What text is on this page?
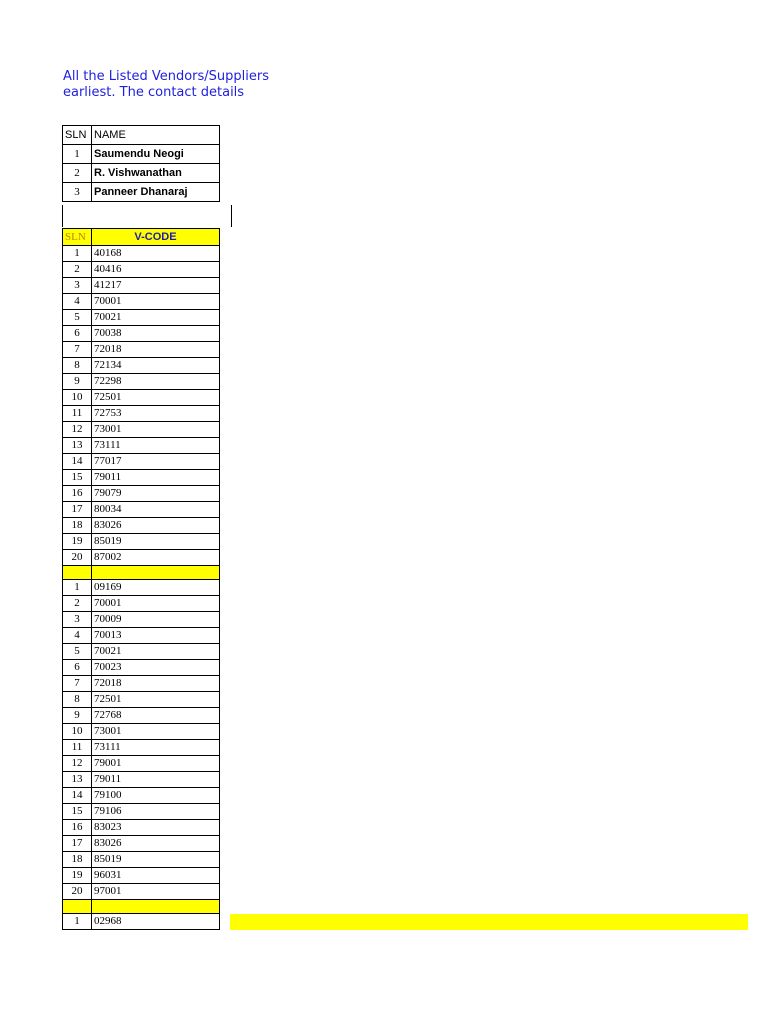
All the Listed Vendors/Suppliers
earliest. The contact details
SLN	NAME
1	Saumendu Neogi
2	R. Vishwanathan
3	Panneer Dhanaraj
SLN	V-CODE
1	40168
2	40416
3	41217
4	70001
5	70021
6	70038
7	72018
8	72134
9	72298
10	72501
11	72753
12	73001
13	73111
14	77017
15	79011
16	79079
17	80034
18	83026
19	85019
20	87002

1	09169
2	70001
3	70009
4	70013
5	70021
6	70023
7	72018
8	72501
9	72768
10	73001
11	73111
12	79001
13	79011
14	79100
15	79106
16	83023
17	83026
18	85019
19	96031
20	97001

1	02968
